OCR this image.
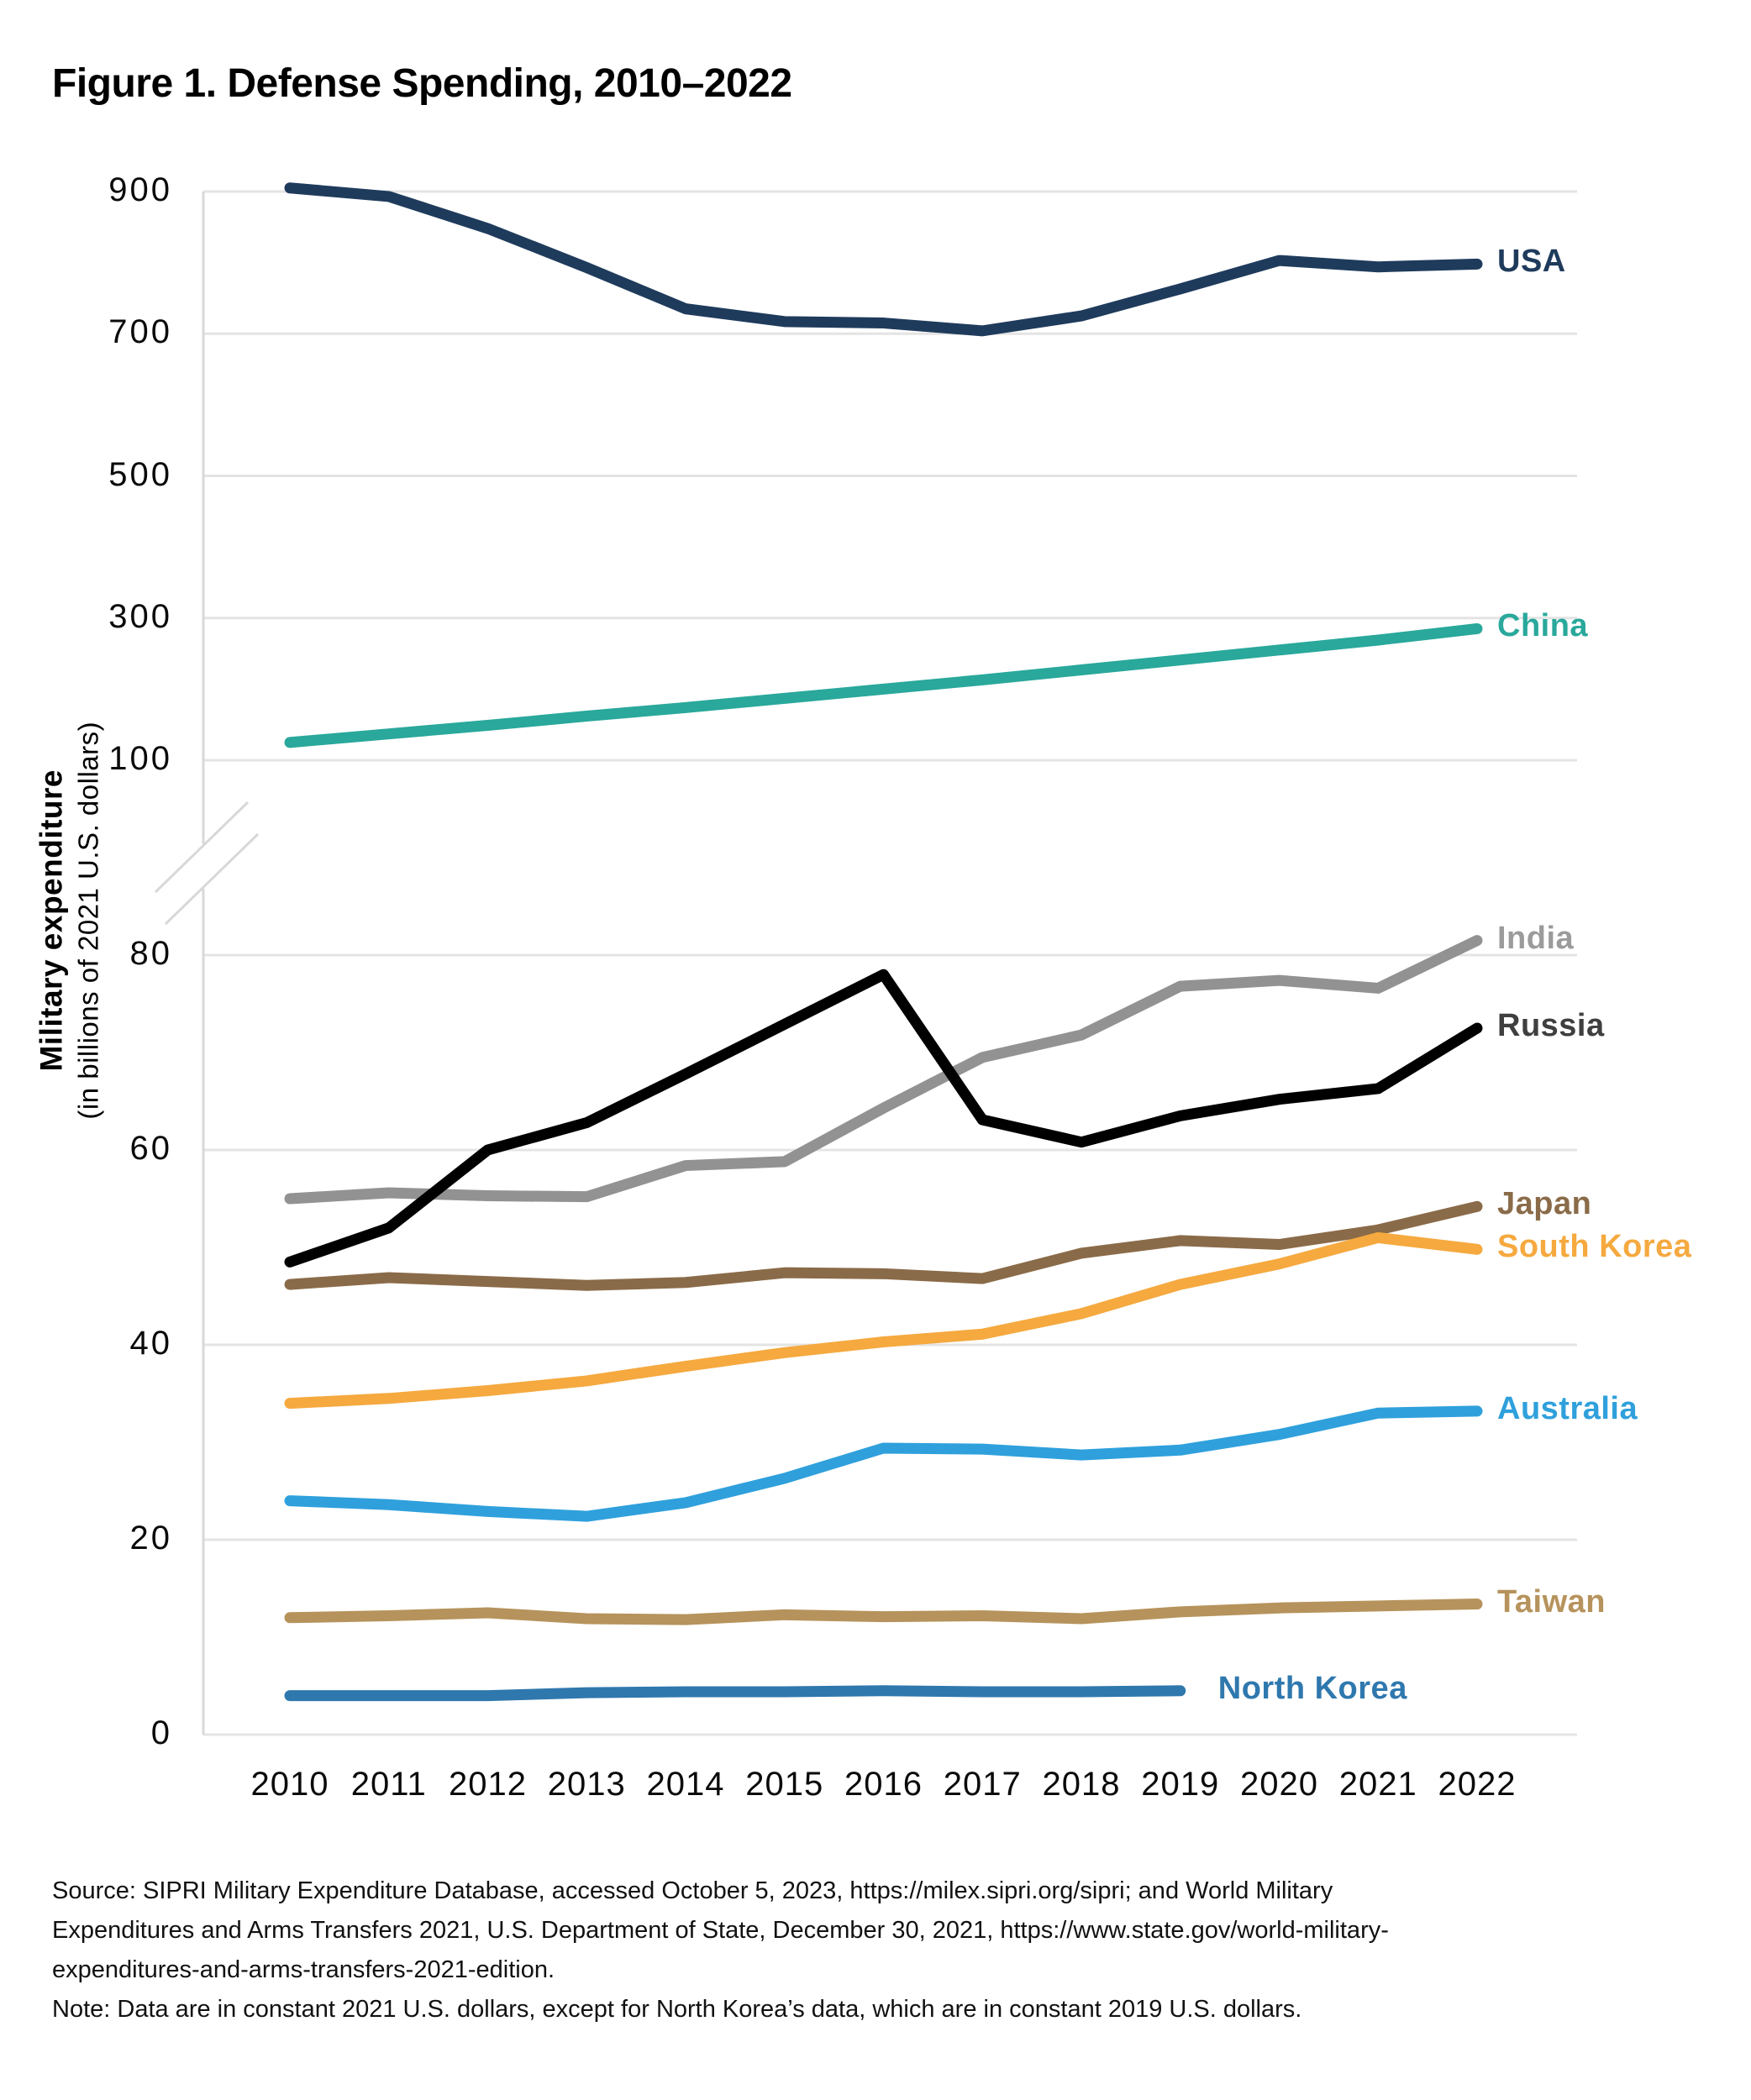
Figure 1. Defense Spending, 2010–2022
Military expenditure (in billions of 2021 U.S. dollars)
900
700
500
300
100
80
60
40
20
0
2010 2011 2012 2013 2014 2015 2016 2017 2018 2019 2020 2021 2022
USA
China
India
Russia
Japan
South Korea
Australia
Taiwan
North Korea

Source: SIPRI Military Expenditure Database, accessed October 5, 2023, https://milex.sipri.org/sipri; and World Military

Expenditures and Arms Transfers 2021, U.S. Department of State, December 30, 2021, https://www.state.gov/world-military-

expenditures-and-arms-transfers-2021-edition.

Note: Data are in constant 2021 U.S. dollars, except for North Korea’s data, which are in constant 2019 U.S. dollars.
